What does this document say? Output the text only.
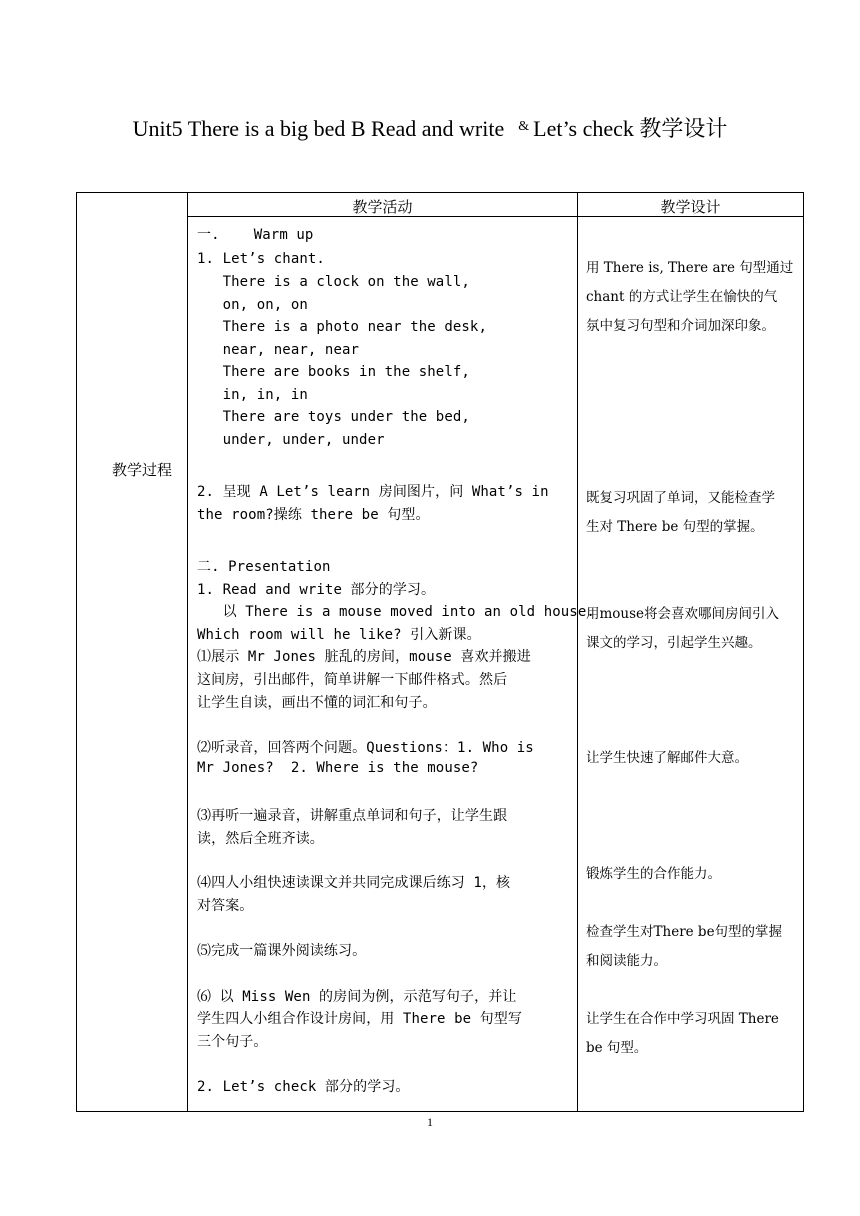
Unit5 There is a big bed B Read and write & Let’s check 教学设计
教学活动	教学设计
教学过程
一.    Warm up
1. Let’s chant.
There is a clock on the wall,
on, on, on
There is a photo near the desk,
near, near, near
There are books in the shelf,
in, in, in
There are toys under the bed,
under, under, under
2. 呈现 A Let’s learn 房间图片，问 What’s in
the room?操练 there be 句型。
二. Presentation
1. Read and write 部分的学习。
以 There is a mouse moved into an old house.
Which room will he like? 引入新课。
⑴展示 Mr Jones 脏乱的房间，mouse 喜欢并搬进
这间房，引出邮件，简单讲解一下邮件格式。然后
让学生自读，画出不懂的词汇和句子。
⑵听录音，回答两个问题。Questions：1. Who is
Mr Jones?  2. Where is the mouse?
⑶再听一遍录音，讲解重点单词和句子，让学生跟
读，然后全班齐读。
⑷四人小组快速读课文并共同完成课后练习 1，核
对答案。
⑸完成一篇课外阅读练习。
⑹ 以 Miss Wen 的房间为例，示范写句子，并让
学生四人小组合作设计房间，用 There be 句型写
三个句子。
2. Let’s check 部分的学习。
用 There is, There are 句型通过
chant 的方式让学生在愉快的气
氛中复习句型和介词加深印象。
既复习巩固了单词，又能检查学
生对 There be 句型的掌握。
用mouse将会喜欢哪间房间引入
课文的学习，引起学生兴趣。
让学生快速了解邮件大意。
锻炼学生的合作能力。
检查学生对There be句型的掌握
和阅读能力。
让学生在合作中学习巩固 There
be 句型。
1
